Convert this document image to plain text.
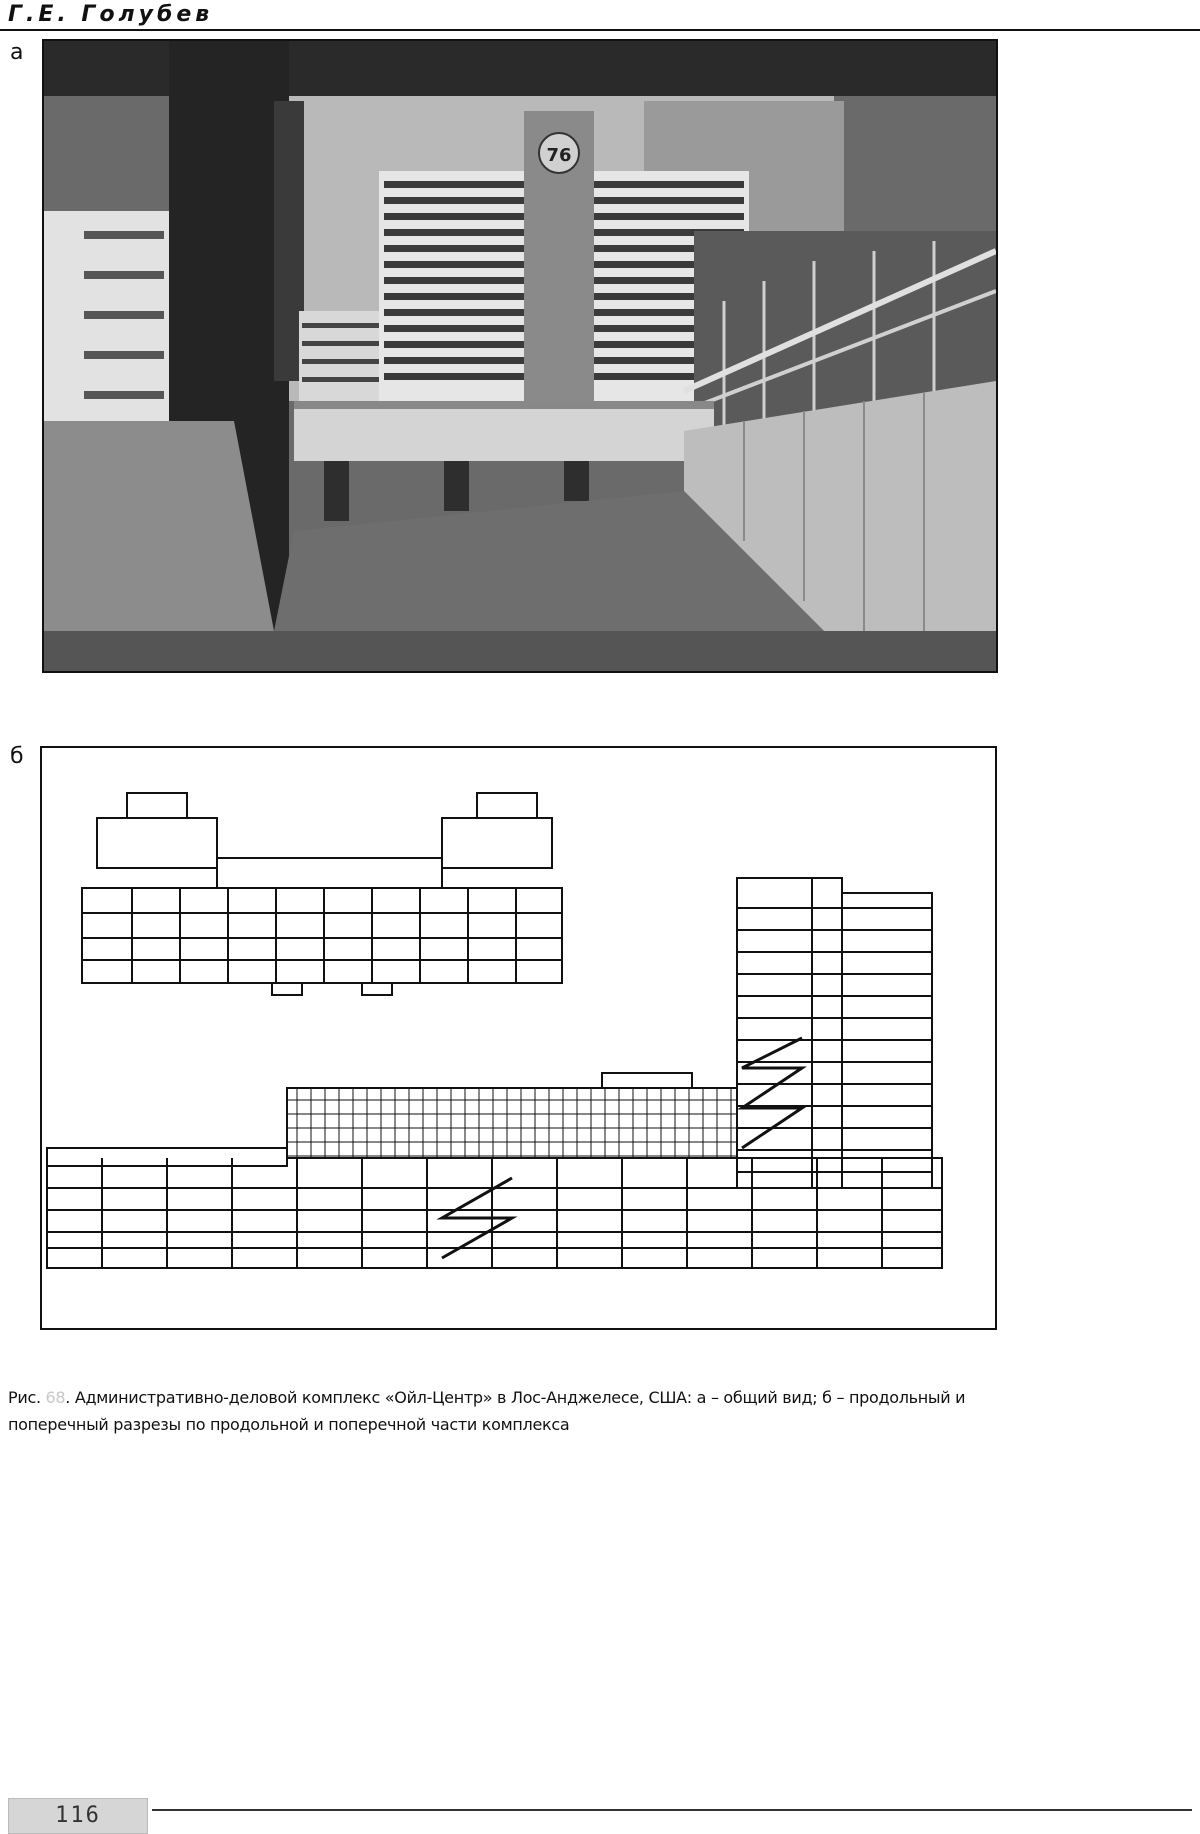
Г.Е. Голубев
а
76
б
Рис. 68. Административно-деловой комплекс «Ойл-Центр» в Лос-Анджелесе, США: а – общий вид; б – продольный и поперечный разрезы по продольной и поперечной части комплекса
116
